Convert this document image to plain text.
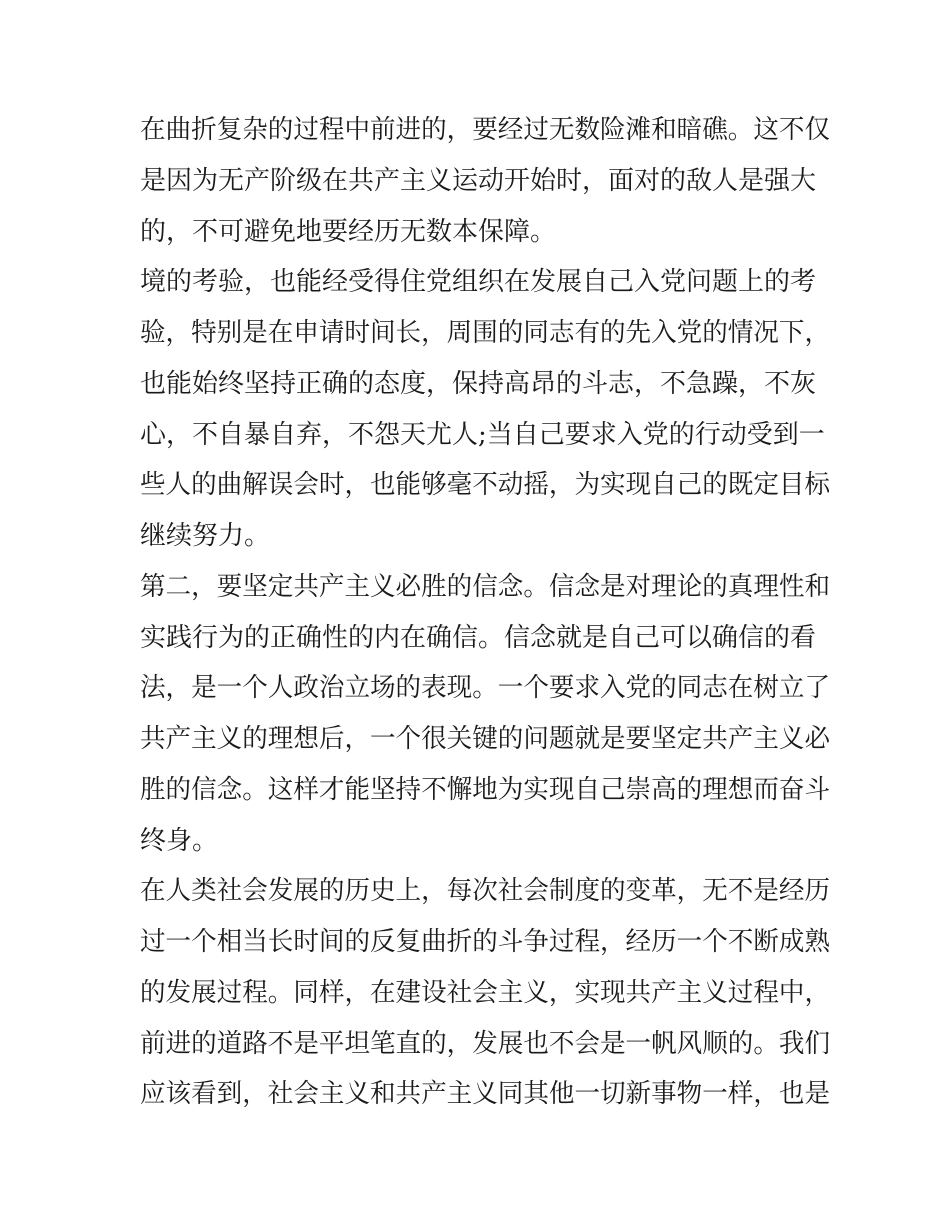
在曲折复杂的过程中前进的，要经过无数险滩和暗礁。这不仅
是因为无产阶级在共产主义运动开始时，面对的敌人是强大
的，不可避免地要经历无数本保障。
境的考验，也能经受得住党组织在发展自己入党问题上的考
验，特别是在申请时间长，周围的同志有的先入党的情况下，
也能始终坚持正确的态度，保持高昂的斗志，不急躁，不灰
心，不自暴自弃，不怨天尤人;当自己要求入党的行动受到一
些人的曲解误会时，也能够毫不动摇，为实现自己的既定目标
继续努力。
第二，要坚定共产主义必胜的信念。信念是对理论的真理性和
实践行为的正确性的内在确信。信念就是自己可以确信的看
法，是一个人政治立场的表现。一个要求入党的同志在树立了
共产主义的理想后，一个很关键的问题就是要坚定共产主义必
胜的信念。这样才能坚持不懈地为实现自己崇高的理想而奋斗
终身。
在人类社会发展的历史上，每次社会制度的变革，无不是经历
过一个相当长时间的反复曲折的斗争过程，经历一个不断成熟
的发展过程。同样，在建设社会主义，实现共产主义过程中，
前进的道路不是平坦笔直的，发展也不会是一帆风顺的。我们
应该看到，社会主义和共产主义同其他一切新事物一样，也是
